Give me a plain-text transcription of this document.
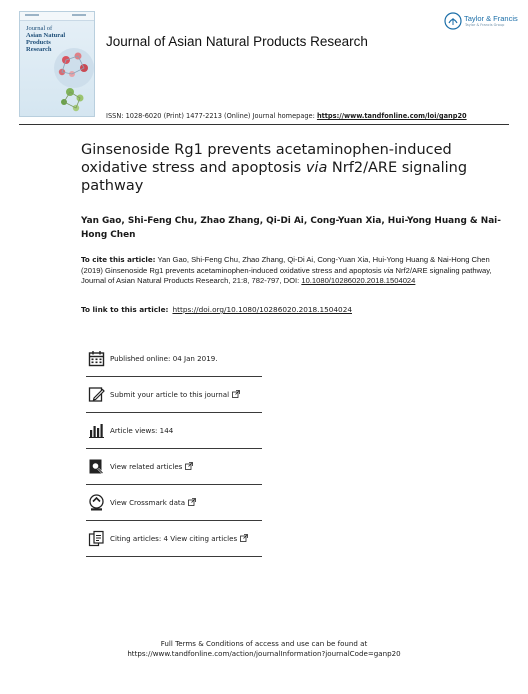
Journal of
Asian Natural
Products
Research
Journal of Asian Natural Products Research
Taylor & Francis
Taylor & Francis Group
ISSN: 1028-6020 (Print) 1477-2213 (Online) Journal homepage: https://www.tandfonline.com/loi/ganp20
Ginsenoside Rg1 prevents acetaminophen-induced oxidative stress and apoptosis via Nrf2/ARE signaling pathway
Yan Gao, Shi-Feng Chu, Zhao Zhang, Qi-Di Ai, Cong-Yuan Xia, Hui-Yong Huang & Nai-Hong Chen
To cite this article: Yan Gao, Shi-Feng Chu, Zhao Zhang, Qi-Di Ai, Cong-Yuan Xia, Hui-Yong Huang & Nai-Hong Chen (2019) Ginsenoside Rg1 prevents acetaminophen-induced oxidative stress and apoptosis via Nrf2/ARE signaling pathway, Journal of Asian Natural Products Research, 21:8, 782-797, DOI: 10.1080/10286020.2018.1504024
To link to this article: https://doi.org/10.1080/10286020.2018.1504024
Published online: 04 Jan 2019.
Submit your article to this journal
Article views: 144
View related articles
View Crossmark data
Citing articles: 4 View citing articles
Full Terms & Conditions of access and use can be found at
https://www.tandfonline.com/action/journalInformation?journalCode=ganp20
